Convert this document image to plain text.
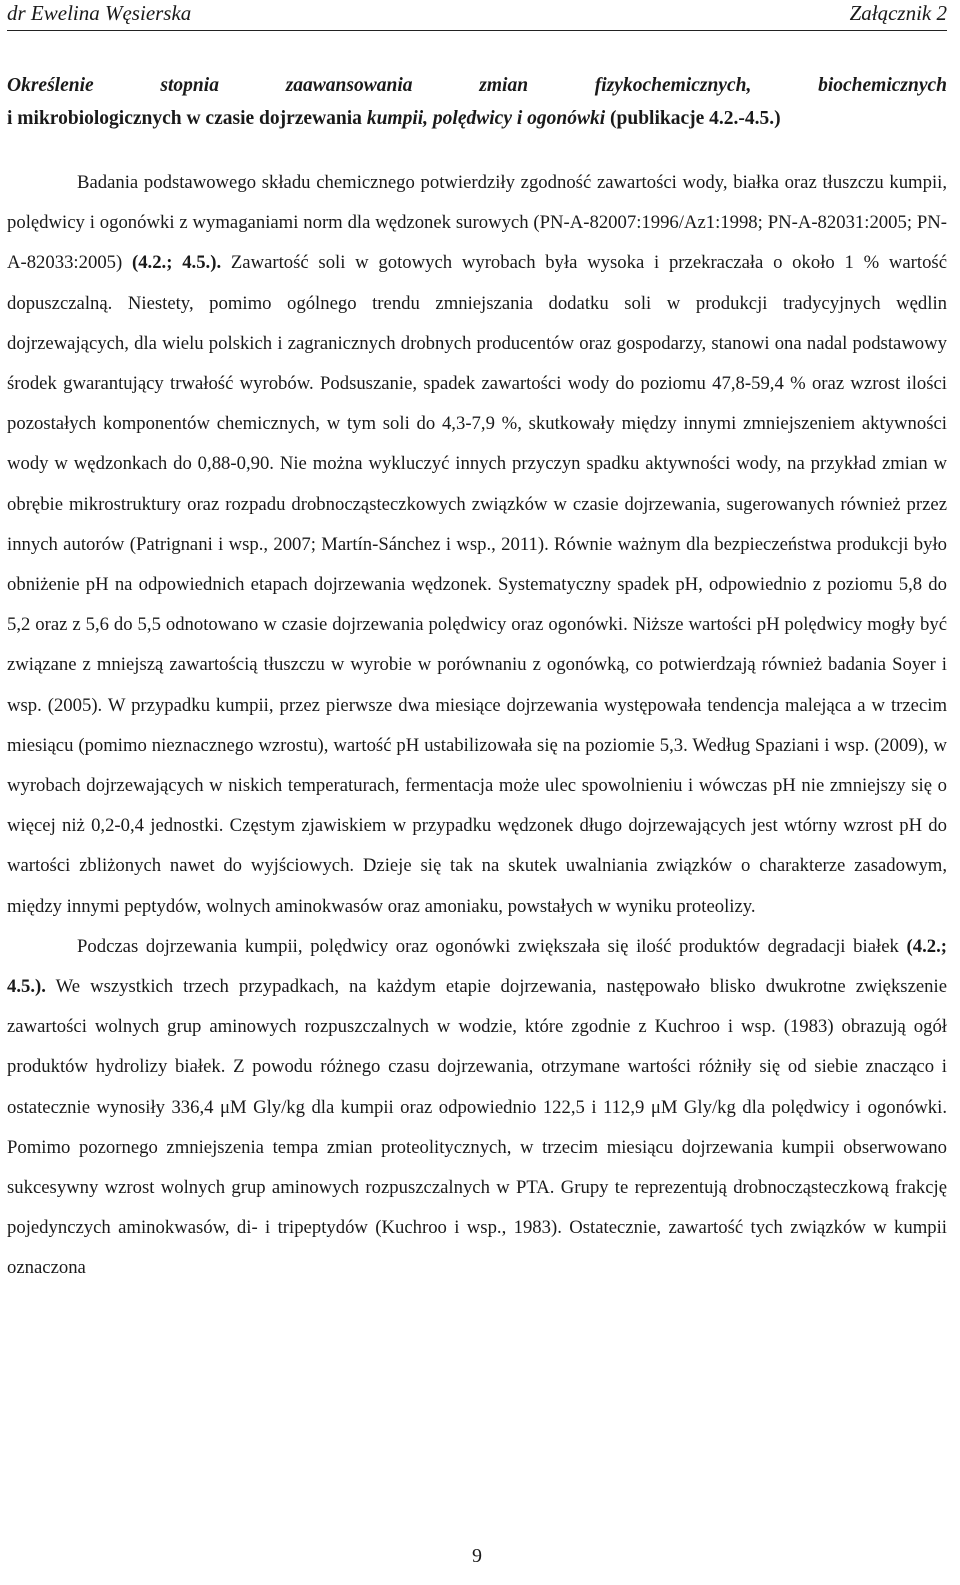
dr Ewelina Węsierska	Załącznik 2
Określenie stopnia zaawansowania zmian fizykochemicznych, biochemicznych
i mikrobiologicznych w czasie dojrzewania kumpii, polędwicy i ogonówki (publikacje 4.2.-4.5.)

Badania podstawowego składu chemicznego potwierdziły zgodność zawartości wody, białka oraz tłuszczu kumpii, polędwicy i ogonówki z wymaganiami norm dla wędzonek surowych (PN-A-82007:1996/Az1:1998; PN-A-82031:2005; PN-A-82033:2005) (4.2.; 4.5.). Zawartość soli w gotowych wyrobach była wysoka i przekraczała o około 1 % wartość dopuszczalną. Niestety, pomimo ogólnego trendu zmniejszania dodatku soli w produkcji tradycyjnych wędlin dojrzewających, dla wielu polskich i zagranicznych drobnych producentów oraz gospodarzy, stanowi ona nadal podstawowy środek gwarantujący trwałość wyrobów. Podsuszanie, spadek zawartości wody do poziomu 47,8-59,4 % oraz wzrost ilości pozostałych komponentów chemicznych, w tym soli do 4,3-7,9 %, skutkowały między innymi zmniejszeniem aktywności wody w wędzonkach do 0,88-0,90. Nie można wykluczyć innych przyczyn spadku aktywności wody, na przykład zmian w obrębie mikrostruktury oraz rozpadu drobnocząsteczkowych związków w czasie dojrzewania, sugerowanych również przez innych autorów (Patrignani i wsp., 2007; Martín-Sánchez i wsp., 2011). Równie ważnym dla bezpieczeństwa produkcji było obniżenie pH na odpowiednich etapach dojrzewania wędzonek. Systematyczny spadek pH, odpowiednio z poziomu 5,8 do 5,2 oraz z 5,6 do 5,5 odnotowano w czasie dojrzewania polędwicy oraz ogonówki. Niższe wartości pH polędwicy mogły być związane z mniejszą zawartością tłuszczu w wyrobie w porównaniu z ogonówką, co potwierdzają również badania Soyer i wsp. (2005). W przypadku kumpii, przez pierwsze dwa miesiące dojrzewania występowała tendencja malejąca a w trzecim miesiącu (pomimo nieznacznego wzrostu), wartość pH ustabilizowała się na poziomie 5,3. Według Spaziani i wsp. (2009), w wyrobach dojrzewających w niskich temperaturach, fermentacja może ulec spowolnieniu i wówczas pH nie zmniejszy się o więcej niż 0,2-0,4 jednostki. Częstym zjawiskiem w przypadku wędzonek długo dojrzewających jest wtórny wzrost pH do wartości zbliżonych nawet do wyjściowych. Dzieje się tak na skutek uwalniania związków o charakterze zasadowym, między innymi peptydów, wolnych aminokwasów oraz amoniaku, powstałych w wyniku proteolizy.

Podczas dojrzewania kumpii, polędwicy oraz ogonówki zwiększała się ilość produktów degradacji białek (4.2.; 4.5.). We wszystkich trzech przypadkach, na każdym etapie dojrzewania, następowało blisko dwukrotne zwiększenie zawartości wolnych grup aminowych rozpuszczalnych w wodzie, które zgodnie z Kuchroo i wsp. (1983) obrazują ogół produktów hydrolizy białek. Z powodu różnego czasu dojrzewania, otrzymane wartości różniły się od siebie znacząco i ostatecznie wynosiły 336,4 μM Gly/kg dla kumpii oraz odpowiednio 122,5 i 112,9 μM Gly/kg dla polędwicy i ogonówki. Pomimo pozornego zmniejszenia tempa zmian proteolitycznych, w trzecim miesiącu dojrzewania kumpii obserwowano sukcesywny wzrost wolnych grup aminowych rozpuszczalnych w PTA. Grupy te reprezentują drobnocząsteczkową frakcję pojedynczych aminokwasów, di- i tripeptydów (Kuchroo i wsp., 1983). Ostatecznie, zawartość tych związków w kumpii oznaczona

9
